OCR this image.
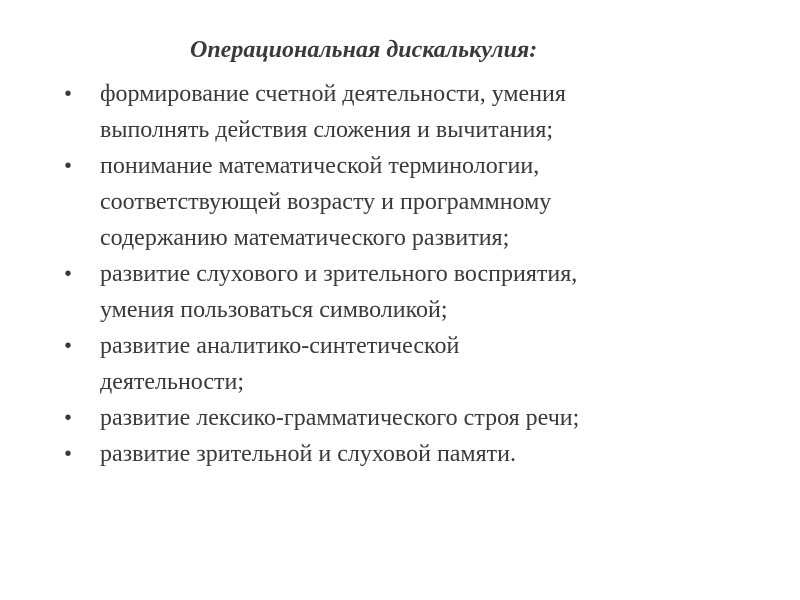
Операциональная дискалькулия:
• формирование счетной деятельности, умения
выполнять действия сложения и вычитания;
• понимание математической терминологии,
соответствующей возрасту и программному
содержанию математического развития;
• развитие слухового и зрительного восприятия,
умения пользоваться символикой;
• развитие аналитико-синтетической
деятельности;
• развитие лексико-грамматического строя речи;
• развитие зрительной и слуховой памяти.
